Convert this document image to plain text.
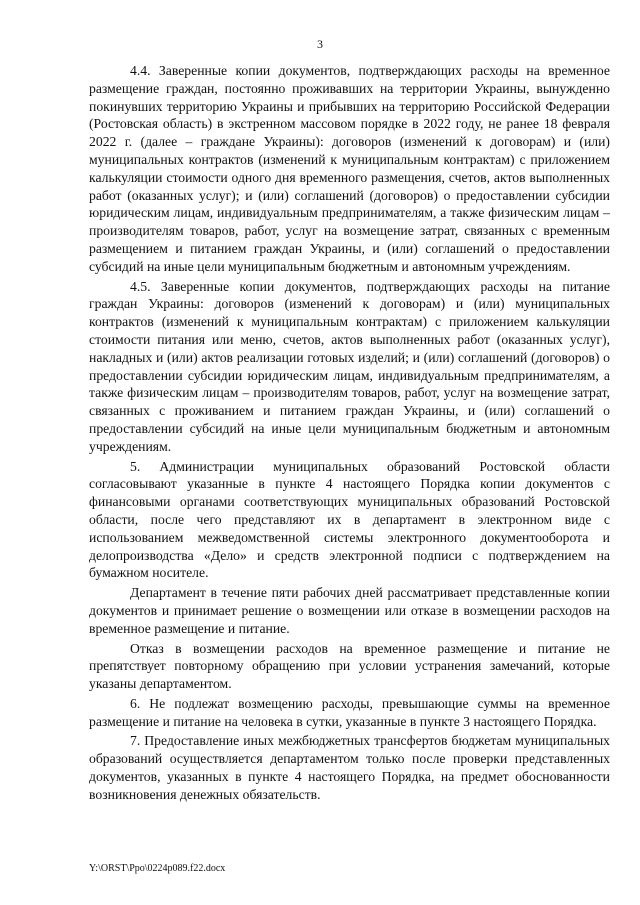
3

4.4. Заверенные копии документов, подтверждающих расходы на временное размещение граждан, постоянно проживавших на территории Украины, вынужденно покинувших территорию Украины и прибывших на территорию Российской Федерации (Ростовская область) в экстренном массовом порядке в 2022 году, не ранее 18 февраля 2022 г. (далее – граждане Украины): договоров (изменений к договорам) и (или) муниципальных контрактов (изменений к муниципальным контрактам) с приложением калькуляции стоимости одного дня временного размещения, счетов, актов выполненных работ (оказанных услуг); и (или) соглашений (договоров) о предоставлении субсидии юридическим лицам, индивидуальным предпринимателям, а также физическим лицам – производителям товаров, работ, услуг на возмещение затрат, связанных с временным размещением и питанием граждан Украины, и (или) соглашений о предоставлении субсидий на иные цели муниципальным бюджетным и автономным учреждениям.

4.5. Заверенные копии документов, подтверждающих расходы на питание граждан Украины: договоров (изменений к договорам) и (или) муниципальных контрактов (изменений к муниципальным контрактам) с приложением калькуляции стоимости питания или меню, счетов, актов выполненных работ (оказанных услуг), накладных и (или) актов реализации готовых изделий; и (или) соглашений (договоров) о предоставлении субсидии юридическим лицам, индивидуальным предпринимателям, а также физическим лицам – производителям товаров, работ, услуг на возмещение затрат, связанных с проживанием и питанием граждан Украины, и (или) соглашений о предоставлении субсидий на иные цели муниципальным бюджетным и автономным учреждениям.

5. Администрации муниципальных образований Ростовской области согласовывают указанные в пункте 4 настоящего Порядка копии документов с финансовыми органами соответствующих муниципальных образований Ростовской области, после чего представляют их в департамент в электронном виде с использованием межведомственной системы электронного документооборота и делопроизводства «Дело» и средств электронной подписи с подтверждением на бумажном носителе.

Департамент в течение пяти рабочих дней рассматривает представленные копии документов и принимает решение о возмещении или отказе в возмещении расходов на временное размещение и питание.

Отказ в возмещении расходов на временное размещение и питание не препятствует повторному обращению при условии устранения замечаний, которые указаны департаментом.

6. Не подлежат возмещению расходы, превышающие суммы на временное размещение и питание на человека в сутки, указанные в пункте 3 настоящего Порядка.

7. Предоставление иных межбюджетных трансфертов бюджетам муниципальных образований осуществляется департаментом только после проверки представленных документов, указанных в пункте 4 настоящего Порядка, на предмет обоснованности возникновения денежных обязательств.

Y:\ORST\Ppo\0224p089.f22.docx
